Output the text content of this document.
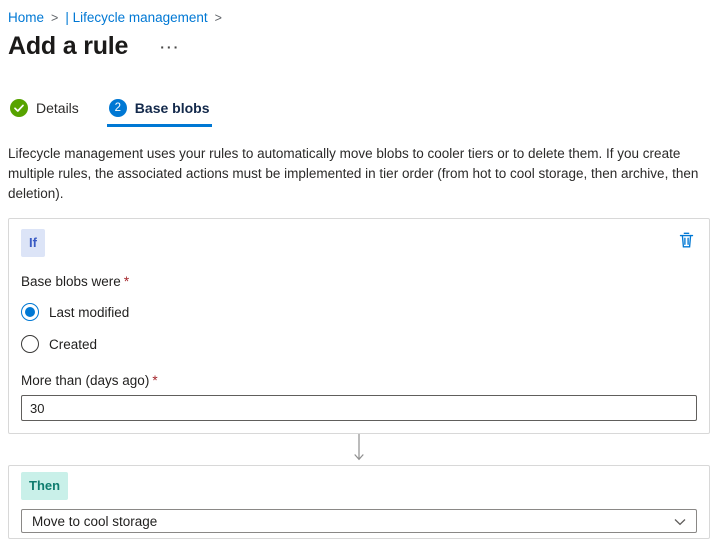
Home > | Lifecycle management >
Add a rule ···
Details	2 Base blobs

Lifecycle management uses your rules to automatically move blobs to cooler tiers or to delete them. If you create multiple rules, the associated actions must be implemented in tier order (from hot to cool storage, then archive, then deletion).

If
Base blobs were *
Last modified
Created
More than (days ago) *
30
Then
Move to cool storage
